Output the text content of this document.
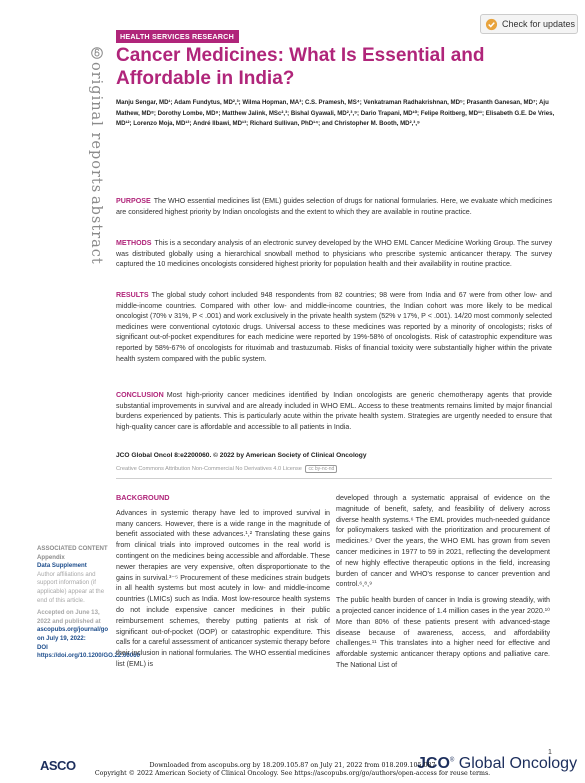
HEALTH SERVICES RESEARCH
Check for updates
original reports
abstract
Cancer Medicines: What Is Essential and Affordable in India?
Manju Sengar, MD¹; Adam Fundytus, MD²,³; Wilma Hopman, MA³; C.S. Pramesh, MS⁴; Venkatraman Radhakrishnan, MD⁵; Prasanth Ganesan, MD⁷; Aju Mathew, MD⁸; Dorothy Lombe, MD⁹; Matthew Jalink, MSc²,³; Bishal Gyawali, MD²,³,⁹; Dario Trapani, MD¹⁰; Felipe Roitberg, MD¹¹; Elisabeth G.E. De Vries, MD¹²; Lorenzo Moja, MD¹³; André Ilbawi, MD¹³; Richard Sullivan, PhD¹⁴; and Christopher M. Booth, MD²,³,⁹
PURPOSE The WHO essential medicines list (EML) guides selection of drugs for national formularies. Here, we evaluate which medicines are considered highest priority by Indian oncologists and the extent to which they are available in routine practice.
METHODS This is a secondary analysis of an electronic survey developed by the WHO EML Cancer Medicine Working Group. The survey was distributed globally using a hierarchical snowball method to physicians who prescribe systemic anticancer therapy. The survey captured the 10 medicines oncologists considered highest priority for population health and their availability in routine practice.
RESULTS The global study cohort included 948 respondents from 82 countries; 98 were from India and 67 were from other low- and middle-income countries. Compared with other low- and middle-income countries, the Indian cohort was more likely to be medical oncologist (70% v 31%, P < .001) and work exclusively in the private health system (52% v 17%, P < .001). 14/20 most commonly selected medicines were conventional cytotoxic drugs. Universal access to these medicines was reported by a minority of oncologists; risks of significant out-of-pocket expenditures for each medicine were reported by 19%-58% of oncologists. Risk of catastrophic expenditure was reported by 58%-67% of oncologists for rituximab and trastuzumab. Risks of financial toxicity were substantially higher within the private health system compared with the public system.
CONCLUSION Most high-priority cancer medicines identified by Indian oncologists are generic chemotherapy agents that provide substantial improvements in survival and are already included in WHO EML. Access to these treatments remains limited by major financial burdens experienced by patients. This is particularly acute within the private health system. Strategies are urgently needed to ensure that high-quality cancer care is affordable and accessible to all patients in India.
JCO Global Oncol 8:e2200060. © 2022 by American Society of Clinical Oncology
Creative Commons Attribution Non-Commercial No Derivatives 4.0 License cc by-nc-nd
ASSOCIATED CONTENT
Appendix
Data Supplement
Author affiliations and support information (if applicable) appear at the end of this article.
Accepted on June 13, 2022 and published at
ascopubs.org/journal/go on July 19, 2022:
DOI https://doi.org/10.1200/GO.22.00060
BACKGROUND

Advances in systemic therapy have led to improved survival in many cancers. However, there is a wide range in the magnitude of benefit associated with these advances.¹,² Translating these gains from clinical trials into improved outcomes in the real world is contingent on the medicines being accessible and affordable. These newer therapies are very expensive, often disproportionate to the gains in survival.³⁻⁵ Procurement of these medicines strain budgets in all health systems but most acutely in low- and middle-income countries (LMICs) such as India. Most low-resource health systems do not include expensive cancer medicines in their public reimbursement schemes, thereby putting patients at risk of significant out-of-pocket (OOP) or catastrophic expenditure. This calls for a careful assessment of anticancer systemic therapy before their inclusion in national formularies. The WHO essential medicines list (EML) is

developed through a systematic appraisal of evidence on the magnitude of benefit, safety, and feasibility of delivery across diverse health systems.⁶ The EML provides much-needed guidance for policymakers tasked with the prioritization and procurement of medicines.⁷ Over the years, the WHO EML has grown from seven cancer medicines in 1977 to 59 in 2021, reflecting the development of new highly effective therapeutic options in the field, increasing burden of cancer and WHO's response to cancer prevention and control.⁶,⁸,⁹

The public health burden of cancer in India is growing steadily, with a projected cancer incidence of 1.4 million cases in the year 2020.¹⁰ More than 80% of these patients present with advanced-stage disease because of awareness, access, and affordability challenges.¹¹ This translates into a higher need for effective and affordable systemic anticancer therapy options and palliative care. The National List of

ASCO	JCO® Global Oncology
Downloaded from ascopubs.org by 18.209.105.87 on July 21, 2022 from 018.209.105.087
Copyright © 2022 American Society of Clinical Oncology. See https://ascopubs.org/go/authors/open-access for reuse terms.
1
